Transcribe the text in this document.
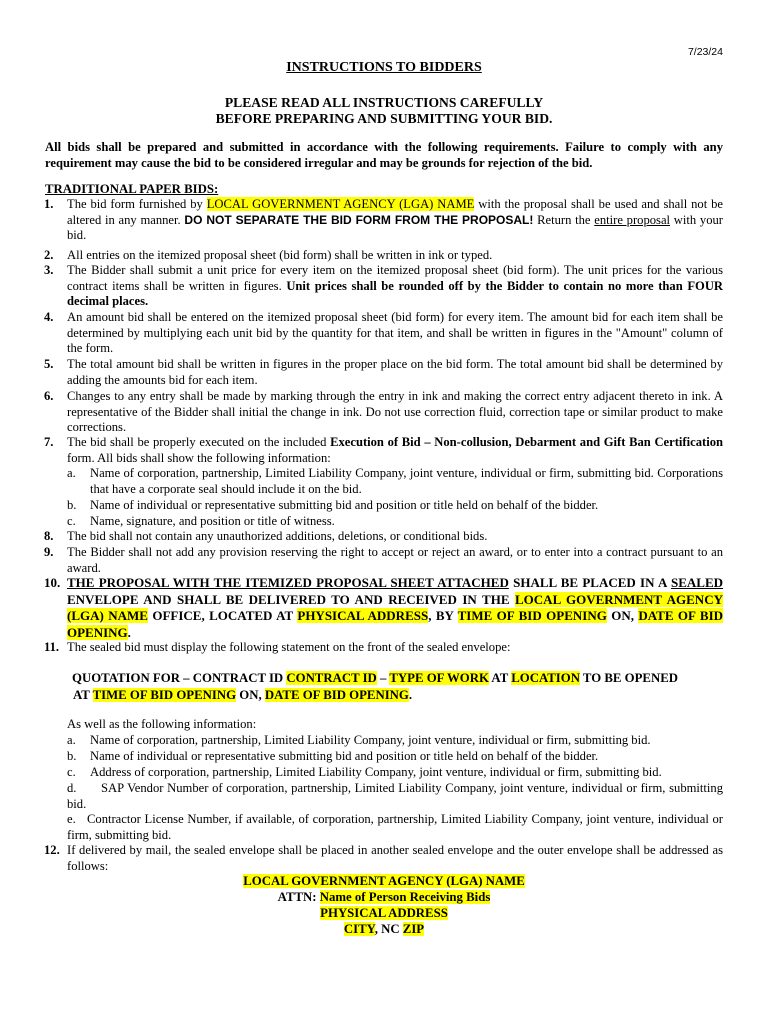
7/23/24
INSTRUCTIONS TO BIDDERS
PLEASE READ ALL INSTRUCTIONS CAREFULLY
BEFORE PREPARING AND SUBMITTING YOUR BID.
All bids shall be prepared and submitted in accordance with the following requirements. Failure to comply with any requirement may cause the bid to be considered irregular and may be grounds for rejection of the bid.
TRADITIONAL PAPER BIDS:
1. The bid form furnished by LOCAL GOVERNMENT AGENCY (LGA) NAME with the proposal shall be used and shall not be altered in any manner. DO NOT SEPARATE THE BID FORM FROM THE PROPOSAL! Return the entire proposal with your bid.
2. All entries on the itemized proposal sheet (bid form) shall be written in ink or typed.
3. The Bidder shall submit a unit price for every item on the itemized proposal sheet (bid form). The unit prices for the various contract items shall be written in figures. Unit prices shall be rounded off by the Bidder to contain no more than FOUR decimal places.
4. An amount bid shall be entered on the itemized proposal sheet (bid form) for every item. The amount bid for each item shall be determined by multiplying each unit bid by the quantity for that item, and shall be written in figures in the "Amount" column of the form.
5. The total amount bid shall be written in figures in the proper place on the bid form. The total amount bid shall be determined by adding the amounts bid for each item.
6. Changes to any entry shall be made by marking through the entry in ink and making the correct entry adjacent thereto in ink. A representative of the Bidder shall initial the change in ink. Do not use correction fluid, correction tape or similar product to make corrections.
7. The bid shall be properly executed on the included Execution of Bid – Non-collusion, Debarment and Gift Ban Certification form. All bids shall show the following information:
a.	Name of corporation, partnership, Limited Liability Company, joint venture, individual or firm, submitting bid. Corporations that have a corporate seal should include it on the bid.
b.	Name of individual or representative submitting bid and position or title held on behalf of the bidder.
c.	Name, signature, and position or title of witness.
8. The bid shall not contain any unauthorized additions, deletions, or conditional bids.
9. The Bidder shall not add any provision reserving the right to accept or reject an award, or to enter into a contract pursuant to an award.
10. THE PROPOSAL WITH THE ITEMIZED PROPOSAL SHEET ATTACHED SHALL BE PLACED IN A SEALED ENVELOPE AND SHALL BE DELIVERED TO AND RECEIVED IN THE LOCAL GOVERNMENT AGENCY (LGA) NAME OFFICE, LOCATED AT PHYSICAL ADDRESS, BY TIME OF BID OPENING ON, DATE OF BID OPENING.
11. The sealed bid must display the following statement on the front of the sealed envelope:
QUOTATION FOR – CONTRACT ID CONTRACT ID – TYPE OF WORK AT LOCATION TO BE OPENED
AT TIME OF BID OPENING ON, DATE OF BID OPENING.
As well as the following information:
a.	Name of corporation, partnership, Limited Liability Company, joint venture, individual or firm, submitting bid.
b.	Name of individual or representative submitting bid and position or title held on behalf of the bidder.
c.	Address of corporation, partnership, Limited Liability Company, joint venture, individual or firm, submitting bid.
d. SAP Vendor Number of corporation, partnership, Limited Liability Company, joint venture, individual or firm, submitting bid.
e. Contractor License Number, if available, of corporation, partnership, Limited Liability Company, joint venture, individual or firm, submitting bid.
12. If delivered by mail, the sealed envelope shall be placed in another sealed envelope and the outer envelope shall be addressed as follows:
LOCAL GOVERNMENT AGENCY (LGA) NAME
ATTN: Name of Person Receiving Bids
PHYSICAL ADDRESS
CITY, NC ZIP
